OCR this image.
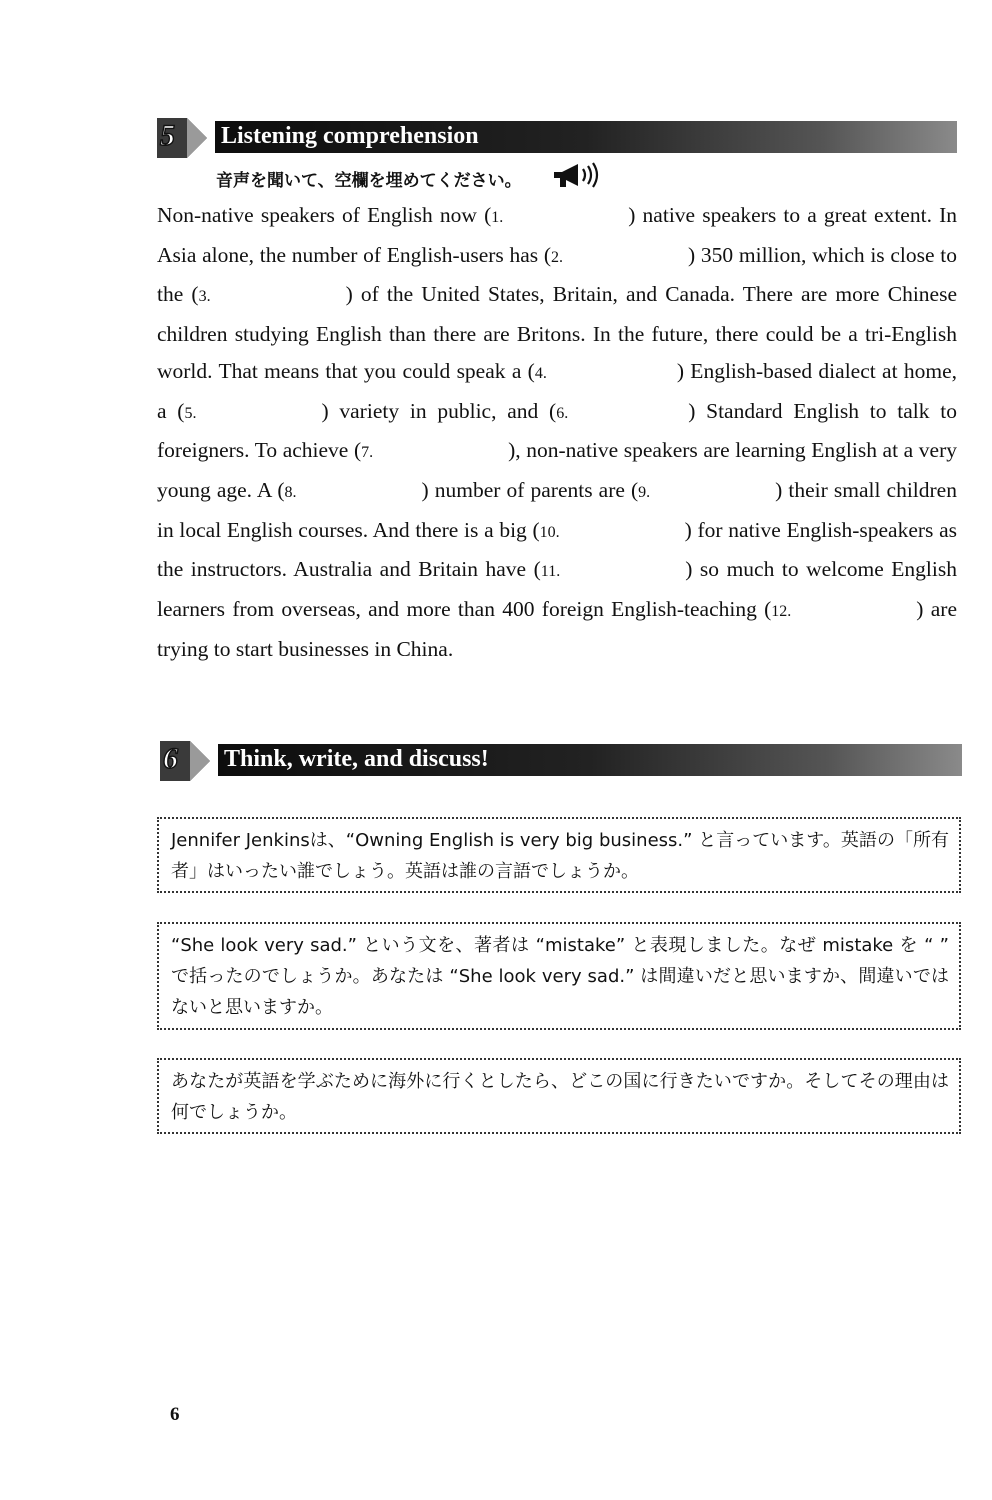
5 Listening comprehension
音声を聞いて、空欄を埋めてください。
Non-native speakers of English now (1.	) native speakers to a great extent. In Asia alone, the number of English-users has (2.	) 350 million, which is close to the (3.	) of the United States, Britain, and Canada. There are more Chinese children studying English than there are Britons. In the future, there could be a tri-English world. That means that you could speak a (4.	) English-based dialect at home, a (5.	) variety in public, and (6.	) Standard English to talk to foreigners. To achieve (7.	), non-native speakers are learning English at a very young age. A (8.	) number of parents are (9.	) their small children in local English courses. And there is a big (10.	) for native English-speakers as the instructors. Australia and Britain have (11.	) so much to welcome English learners from overseas, and more than 400 foreign English-teaching (12.	) are trying to start businesses in China.
6 Think, write, and discuss!
Jennifer Jenkinsは、“Owning English is very big business.” と言っています。英語の「所有者」はいったい誰でしょう。英語は誰の言語でしょうか。
“She look very sad.” という文を、著者は “mistake” と表現しました。なぜ mistake を “ ” で括ったのでしょうか。あなたは “She look very sad.” は間違いだと思いますか、間違いではないと思いますか。
あなたが英語を学ぶために海外に行くとしたら、どこの国に行きたいですか。そしてその理由は何でしょうか。
6
